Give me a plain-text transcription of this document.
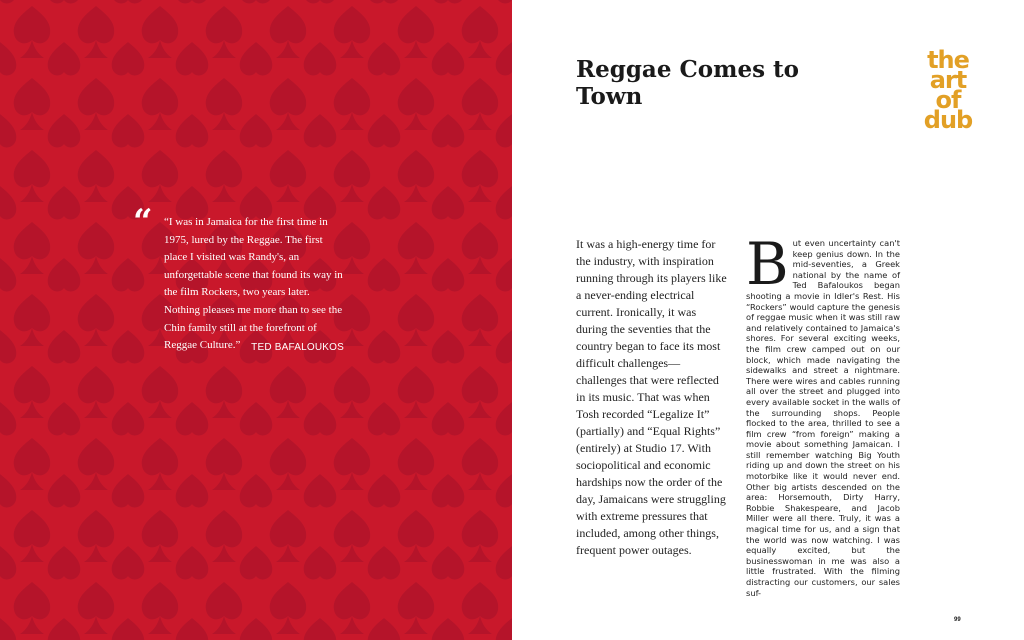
“ “I was in Jamaica for the first time in 1975, lured by the Reggae. The first place I visited was Randy's, an unforgettable scene that found its way in the film Rockers, two years later. Nothing pleases me more than to see the Chin family still at the forefront of Reggae Culture.”	TED BAFALOUKOS
Reggae Comes to Town
the
art
of
dub

It was a high-energy time for the industry, with inspiration running through its players like a never-ending electrical current. Ironically, it was during the seventies that the country began to face its most difficult challenges—challenges that were reflected in its music. That was when Tosh recorded “Legalize It” (partially) and “Equal Rights” (entirely) at Studio 17. With sociopolitical and economic hardships now the order of the day, Jamaicans were struggling with extreme pressures that included, among other things, frequent power outages.

B ut even uncertainty can't keep genius down. In the mid-seventies, a Greek national by the name of Ted Bafaloukos began shooting a movie in Idler's Rest. His “Rockers” would capture the genesis of reggae music when it was still raw and relatively contained to Jamaica's shores. For several exciting weeks, the film crew camped out on our block, which made navigating the sidewalks and street a nightmare. There were wires and cables running all over the street and plugged into every available socket in the walls of the surrounding shops. People flocked to the area, thrilled to see a film crew “from foreign” making a movie about something Jamaican. I still remember watching Big Youth riding up and down the street on his motorbike like it would never end. Other big artists descended on the area: Horsemouth, Dirty Harry, Robbie Shakespeare, and Jacob Miller were all there. Truly, it was a magical time for us, and a sign that the world was now watching. I was equally excited, but the businesswoman in me was also a little frustrated. With the filming distracting our customers, our sales suf-
99
